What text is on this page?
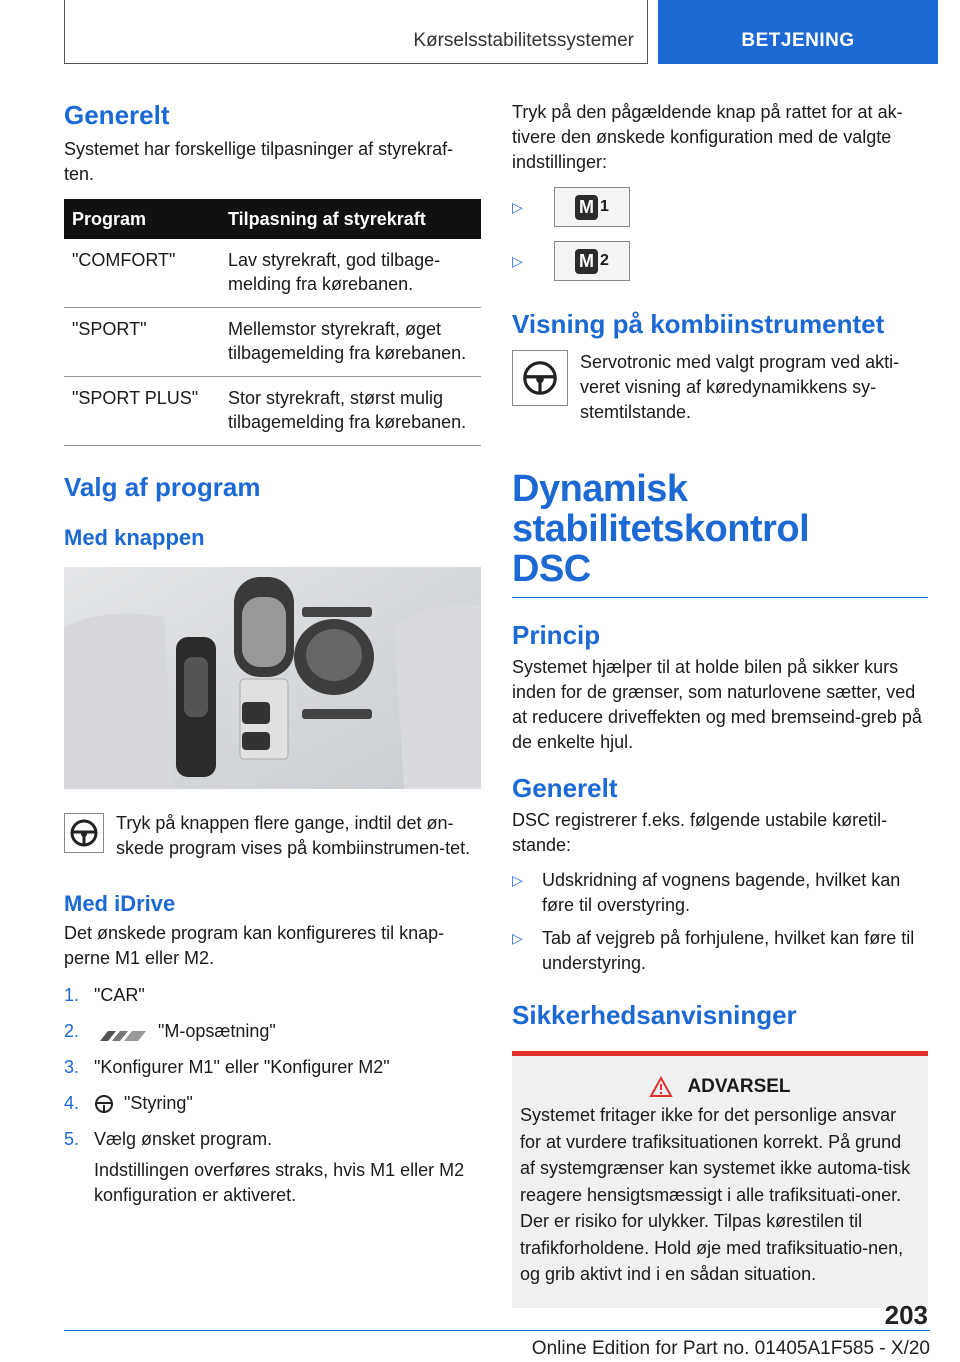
Kørselsstabilitetssystemer	BETJENING
Generelt

Systemet har forskellige tilpasninger af styrekraf-ten.

Program	Tilpasning af styrekraft
"COMFORT"	Lav styrekraft, god tilbage-melding fra kørebanen.
"SPORT"	Mellemstor styrekraft, øget tilbagemelding fra kørebanen.
"SPORT PLUS"	Stor styrekraft, størst mulig tilbagemelding fra kørebanen.
Valg af program
Med knappen

Tryk på knappen flere gange, indtil det øn-skede program vises på kombiinstrumen-tet.

Med iDrive

Det ønskede program kan konfigureres til knap-perne M1 eller M2.

1. "CAR"
2.	"M-opsætning"
3. "Konfigurer M1" eller "Konfigurer M2"
4. "Styring"
5. Vælg ønsket program.

Indstillingen overføres straks, hvis M1 eller M2 konfiguration er aktiveret.

Tryk på den pågældende knap på rattet for at ak-tivere den ønskede konfiguration med de valgte indstillinger:

▷	M 1
▷	M 2
Visning på kombiinstrumentet

Servotronic med valgt program ved akti-veret visning af køredynamikkens sy-stemtilstande.

Dynamisk stabilitetskontrol
DSC
Princip

Systemet hjælper til at holde bilen på sikker kurs inden for de grænser, som naturlovene sætter, ved at reducere driveffekten og med bremseind-greb på de enkelte hjul.

Generelt

DSC registrerer f.eks. følgende ustabile køretil-stande:

▷ Udskridning af vognens bagende, hvilket kan føre til overstyring.
▷ Tab af vejgreb på forhjulene, hvilket kan føre til understyring.
Sikkerhedsanvisninger
ADVARSEL

Systemet fritager ikke for det personlige ansvar for at vurdere trafiksituationen korrekt. På grund af systemgrænser kan systemet ikke automa-tisk reagere hensigtsmæssigt i alle trafiksituati-oner. Der er risiko for ulykker. Tilpas kørestilen til trafikforholdene. Hold øje med trafiksituatio-nen, og grib aktivt ind i en sådan situation.

203
Online Edition for Part no. 01405A1F585 - X/20
